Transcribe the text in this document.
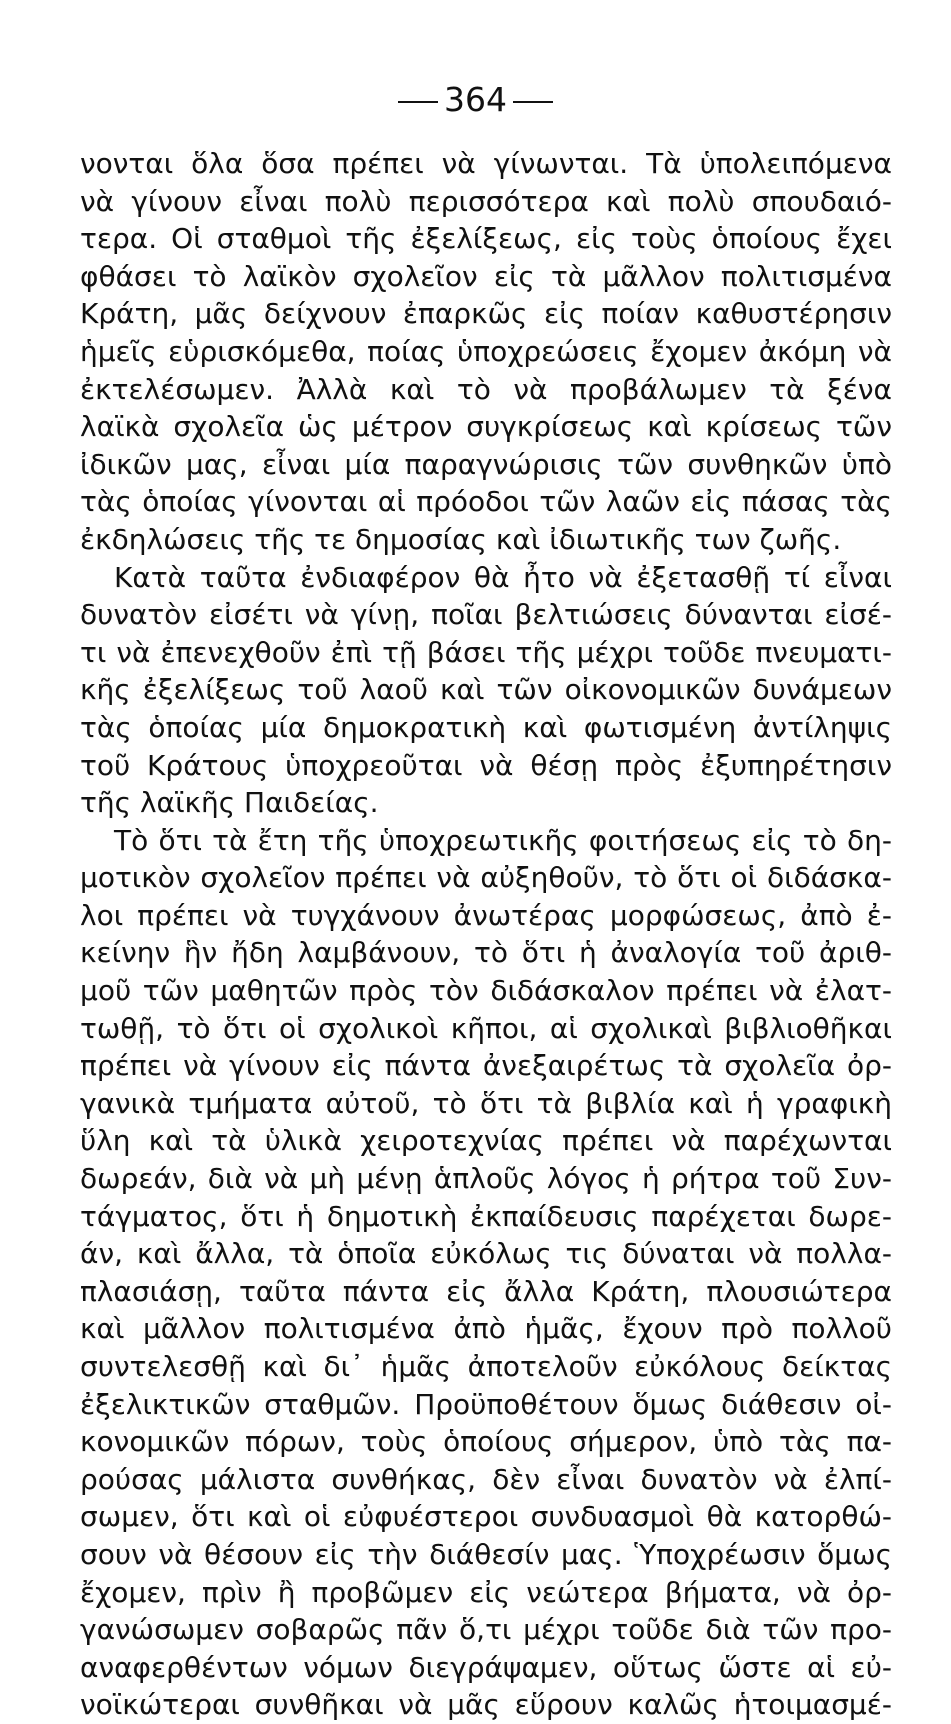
364
νονται ὅλα ὅσα πρέπει νὰ γίνωνται. Τὰ ὑπολειπόμενα
νὰ γίνουν εἶναι πολὺ περισσότερα καὶ πολὺ σπουδαιό-
τερα. Οἱ σταθμοὶ τῆς ἐξελίξεως, εἰς τοὺς ὁποίους ἔχει
φθάσει τὸ λαϊκὸν σχολεῖον εἰς τὰ μᾶλλον πολιτισμένα
Κράτη, μᾶς δείχνουν ἐπαρκῶς εἰς ποίαν καθυστέρησιν
ἡμεῖς εὑρισκόμεθα, ποίας ὑποχρεώσεις ἔχομεν ἀκόμη νὰ
ἐκτελέσωμεν. Ἀλλὰ καὶ τὸ νὰ προβάλωμεν τὰ ξένα
λαϊκὰ σχολεῖα ὡς μέτρον συγκρίσεως καὶ κρίσεως τῶν
ἰδικῶν μας, εἶναι μία παραγνώρισις τῶν συνθηκῶν ὑπὸ
τὰς ὁποίας γίνονται αἱ πρόοδοι τῶν λαῶν εἰς πάσας τὰς
ἐκδηλώσεις τῆς τε δημοσίας καὶ ἰδιωτικῆς των ζωῆς.
Κατὰ ταῦτα ἐνδιαφέρον θὰ ἦτο νὰ ἐξετασθῇ τί εἶναι
δυνατὸν εἰσέτι νὰ γίνῃ, ποῖαι βελτιώσεις δύνανται εἰσέ-
τι νὰ ἐπενεχθοῦν ἐπὶ τῇ βάσει τῆς μέχρι τοῦδε πνευματι-
κῆς ἐξελίξεως τοῦ λαοῦ καὶ τῶν οἰκονομικῶν δυνάμεων
τὰς ὁποίας μία δημοκρατικὴ καὶ φωτισμένη ἀντίληψις
τοῦ Κράτους ὑποχρεοῦται νὰ θέσῃ πρὸς ἐξυπηρέτησιν
τῆς λαϊκῆς Παιδείας.
Τὸ ὅτι τὰ ἔτη τῆς ὑποχρεωτικῆς φοιτήσεως εἰς τὸ δη-
μοτικὸν σχολεῖον πρέπει νὰ αὐξηθοῦν, τὸ ὅτι οἱ διδάσκα-
λοι πρέπει νὰ τυγχάνουν ἀνωτέρας μορφώσεως, ἀπὸ ἐ-
κείνην ἣν ἤδη λαμβάνουν, τὸ ὅτι ἡ ἀναλογία τοῦ ἀριθ-
μοῦ τῶν μαθητῶν πρὸς τὸν διδάσκαλον πρέπει νὰ ἐλατ-
τωθῇ, τὸ ὅτι οἱ σχολικοὶ κῆποι, αἱ σχολικαὶ βιβλιοθῆκαι
πρέπει νὰ γίνουν εἰς πάντα ἀνεξαιρέτως τὰ σχολεῖα ὀρ-
γανικὰ τμήματα αὐτοῦ, τὸ ὅτι τὰ βιβλία καὶ ἡ γραφικὴ
ὕλη καὶ τὰ ὑλικὰ χειροτεχνίας πρέπει νὰ παρέχωνται
δωρεάν, διὰ νὰ μὴ μένῃ ἁπλοῦς λόγος ἡ ρήτρα τοῦ Συν-
τάγματος, ὅτι ἡ δημοτικὴ ἐκπαίδευσις παρέχεται δωρε-
άν, καὶ ἄλλα, τὰ ὁποῖα εὐκόλως τις δύναται νὰ πολλα-
πλασιάσῃ, ταῦτα πάντα εἰς ἄλλα Κράτη, πλουσιώτερα
καὶ μᾶλλον πολιτισμένα ἀπὸ ἡμᾶς, ἔχουν πρὸ πολλοῦ
συντελεσθῇ καὶ δι᾽ ἡμᾶς ἀποτελοῦν εὐκόλους δείκτας
ἐξελικτικῶν σταθμῶν. Προϋποθέτουν ὅμως διάθεσιν οἰ-
κονομικῶν πόρων, τοὺς ὁποίους σήμερον, ὑπὸ τὰς πα-
ρούσας μάλιστα συνθήκας, δὲν εἶναι δυνατὸν νὰ ἐλπί-
σωμεν, ὅτι καὶ οἱ εὐφυέστεροι συνδυασμοὶ θὰ κατορθώ-
σουν νὰ θέσουν εἰς τὴν διάθεσίν μας. Ὑποχρέωσιν ὅμως
ἔχομεν, πρὶν ἢ προβῶμεν εἰς νεώτερα βήματα, νὰ ὀρ-
γανώσωμεν σοβαρῶς πᾶν ὅ,τι μέχρι τοῦδε διὰ τῶν προ-
αναφερθέντων νόμων διεγράψαμεν, οὕτως ὥστε αἱ εὐ-
νοϊκώτεραι συνθῆκαι νὰ μᾶς εὕρουν καλῶς ἡτοιμασμέ-
